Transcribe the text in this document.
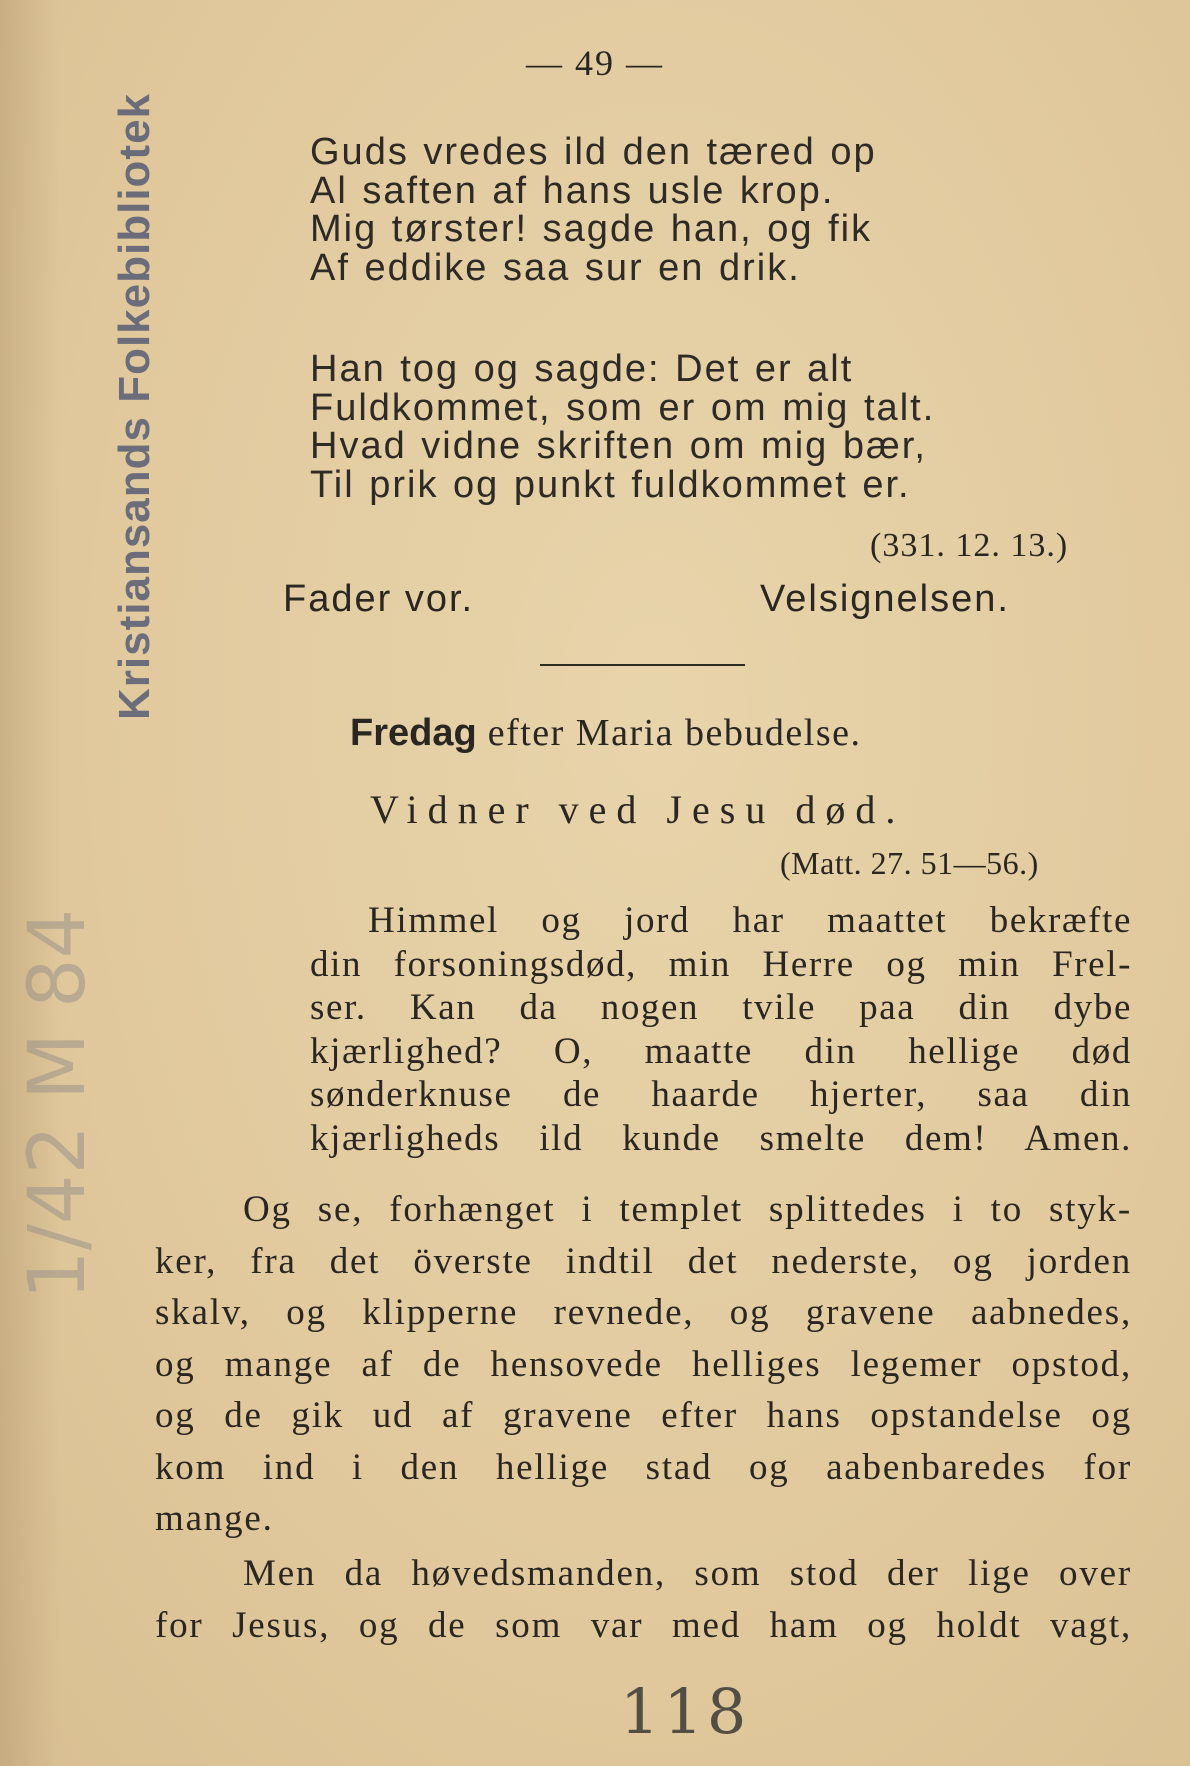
Kristiansands Folkebibliotek
1/42 M 84
— 49 —
Guds vredes ild den tæred op
Al saften af hans usle krop.
Mig tørster! sagde han, og fik
Af eddike saa sur en drik.
Han tog og sagde: Det er alt
Fuldkommet, som er om mig talt.
Hvad vidne skriften om mig bær,
Til prik og punkt fuldkommet er.
(331. 12. 13.)
Fader vor.	Velsignelsen.
Fredag efter Maria bebudelse.
Vidner ved Jesu død.
(Matt. 27. 51—56.)
Himmel og jord har maattet bekræfte
din forsoningsdød, min Herre og min Frel-
ser. Kan da nogen tvile paa din dybe
kjærlighed? O, maatte din hellige død
sønderknuse de haarde hjerter, saa din
kjærligheds ild kunde smelte dem! Amen.
Og se, forhænget i templet splittedes i to styk-
ker, fra det överste indtil det nederste, og jorden
skalv, og klipperne revnede, og gravene aabnedes,
og mange af de hensovede helliges legemer opstod,
og de gik ud af gravene efter hans opstandelse og
kom ind i den hellige stad og aabenbaredes for
mange.
Men da høvedsmanden, som stod der lige over
for Jesus, og de som var med ham og holdt vagt,
118
